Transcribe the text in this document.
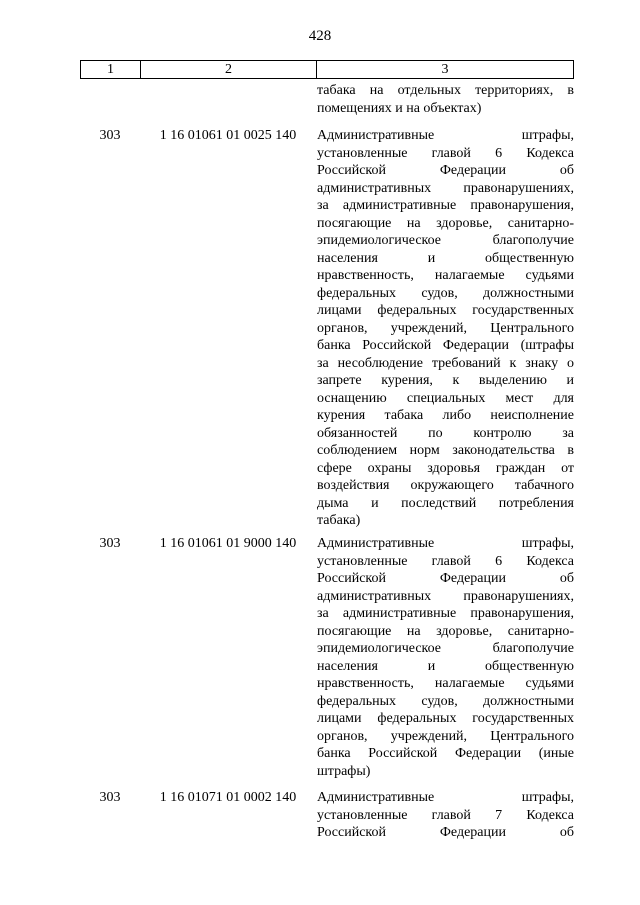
428
1	2	3
табака на отдельных территориях, в
помещениях и на объектах)
303	1 16 01061 01 0025 140	Административные штрафы,
установленные главой 6 Кодекса
Российской Федерации об
административных правонарушениях,
за административные правонарушения,
посягающие на здоровье, санитарно-
эпидемиологическое благополучие
населения и общественную
нравственность, налагаемые судьями
федеральных судов, должностными
лицами федеральных государственных
органов, учреждений, Центрального
банка Российской Федерации (штрафы
за несоблюдение требований к знаку о
запрете курения, к выделению и
оснащению специальных мест для
курения табака либо неисполнение
обязанностей по контролю за
соблюдением норм законодательства в
сфере охраны здоровья граждан от
воздействия окружающего табачного
дыма и последствий потребления
табака)
303	1 16 01061 01 9000 140	Административные штрафы,
установленные главой 6 Кодекса
Российской Федерации об
административных правонарушениях,
за административные правонарушения,
посягающие на здоровье, санитарно-
эпидемиологическое благополучие
населения и общественную
нравственность, налагаемые судьями
федеральных судов, должностными
лицами федеральных государственных
органов, учреждений, Центрального
банка Российской Федерации (иные
штрафы)
303	1 16 01071 01 0002 140	Административные штрафы,
установленные главой 7 Кодекса
Российской Федерации об
